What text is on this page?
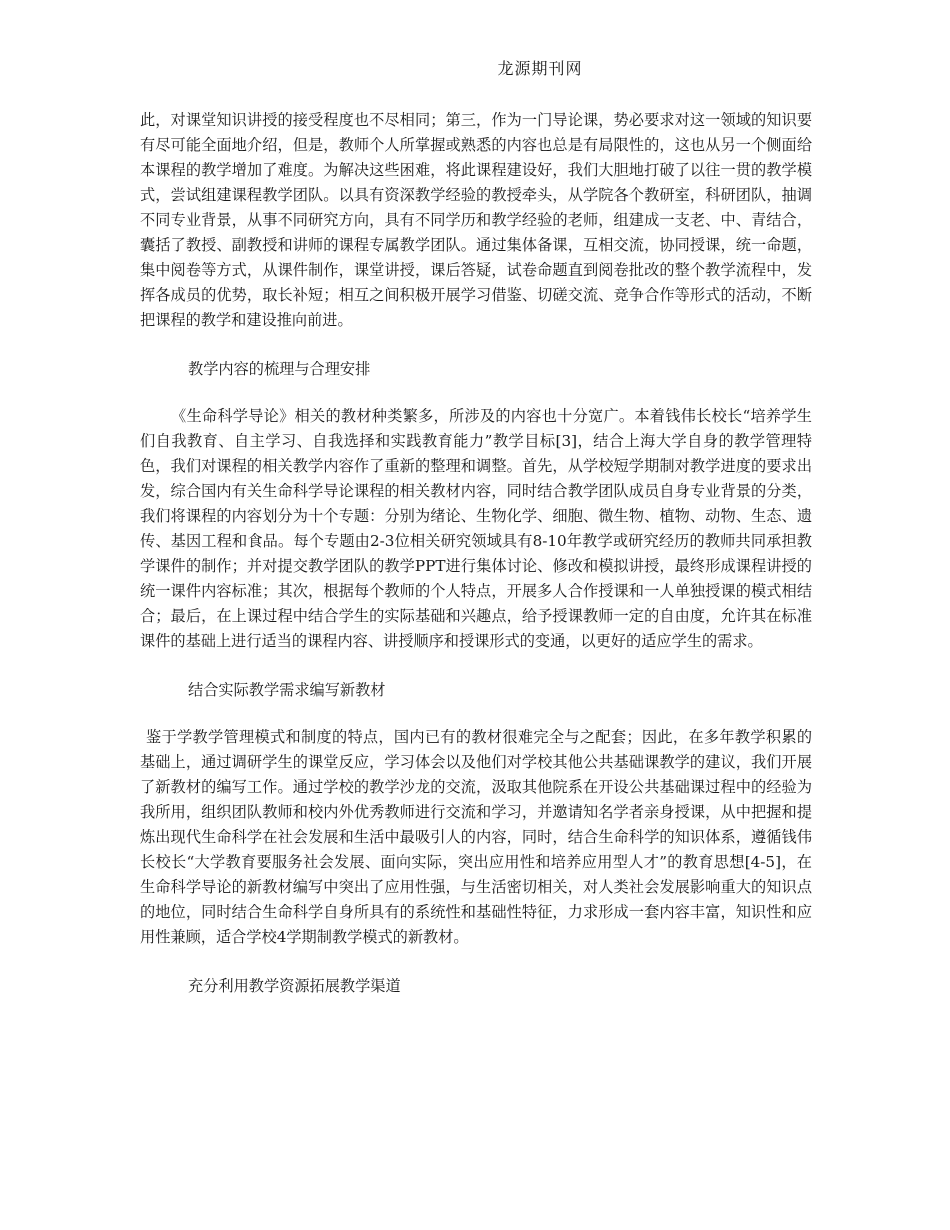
龙源期刊网

此，对课堂知识讲授的接受程度也不尽相同；第三，作为一门导论课，势必要求对这一领域的知识要有尽可能全面地介绍，但是，教师个人所掌握或熟悉的内容也总是有局限性的，这也从另一个侧面给本课程的教学增加了难度。为解决这些困难，将此课程建设好，我们大胆地打破了以往一贯的教学模式，尝试组建课程教学团队。以具有资深教学经验的教授牵头，从学院各个教研室，科研团队，抽调不同专业背景，从事不同研究方向，具有不同学历和教学经验的老师，组建成一支老、中、青结合，囊括了教授、副教授和讲师的课程专属教学团队。通过集体备课，互相交流，协同授课，统一命题，集中阅卷等方式，从课件制作，课堂讲授，课后答疑，试卷命题直到阅卷批改的整个教学流程中，发挥各成员的优势，取长补短；相互之间积极开展学习借鉴、切磋交流、竞争合作等形式的活动，不断把课程的教学和建设推向前进。

教学内容的梳理与合理安排

《生命科学导论》相关的教材种类繁多，所涉及的内容也十分宽广。本着钱伟长校长“培养学生们自我教育、自主学习、自我选择和实践教育能力”教学目标[3]，结合上海大学自身的教学管理特色，我们对课程的相关教学内容作了重新的整理和调整。首先，从学校短学期制对教学进度的要求出发，综合国内有关生命科学导论课程的相关教材内容，同时结合教学团队成员自身专业背景的分类，我们将课程的内容划分为十个专题：分别为绪论、生物化学、细胞、微生物、植物、动物、生态、遗传、基因工程和食品。每个专题由2-3位相关研究领域具有8-10年教学或研究经历的教师共同承担教学课件的制作；并对提交教学团队的教学PPT进行集体讨论、修改和模拟讲授，最终形成课程讲授的统一课件内容标准；其次，根据每个教师的个人特点，开展多人合作授课和一人单独授课的模式相结合；最后，在上课过程中结合学生的实际基础和兴趣点，给予授课教师一定的自由度，允许其在标准课件的基础上进行适当的课程内容、讲授顺序和授课形式的变通，以更好的适应学生的需求。

结合实际教学需求编写新教材

鉴于学教学管理模式和制度的特点，国内已有的教材很难完全与之配套；因此，在多年教学积累的基础上，通过调研学生的课堂反应，学习体会以及他们对学校其他公共基础课教学的建议，我们开展了新教材的编写工作。通过学校的教学沙龙的交流，汲取其他院系在开设公共基础课过程中的经验为我所用，组织团队教师和校内外优秀教师进行交流和学习，并邀请知名学者亲身授课，从中把握和提炼出现代生命科学在社会发展和生活中最吸引人的内容，同时，结合生命科学的知识体系，遵循钱伟长校长“大学教育要服务社会发展、面向实际，突出应用性和培养应用型人才”的教育思想[4-5]，在生命科学导论的新教材编写中突出了应用性强，与生活密切相关，对人类社会发展影响重大的知识点的地位，同时结合生命科学自身所具有的系统性和基础性特征，力求形成一套内容丰富，知识性和应用性兼顾，适合学校4学期制教学模式的新教材。

充分利用教学资源拓展教学渠道
